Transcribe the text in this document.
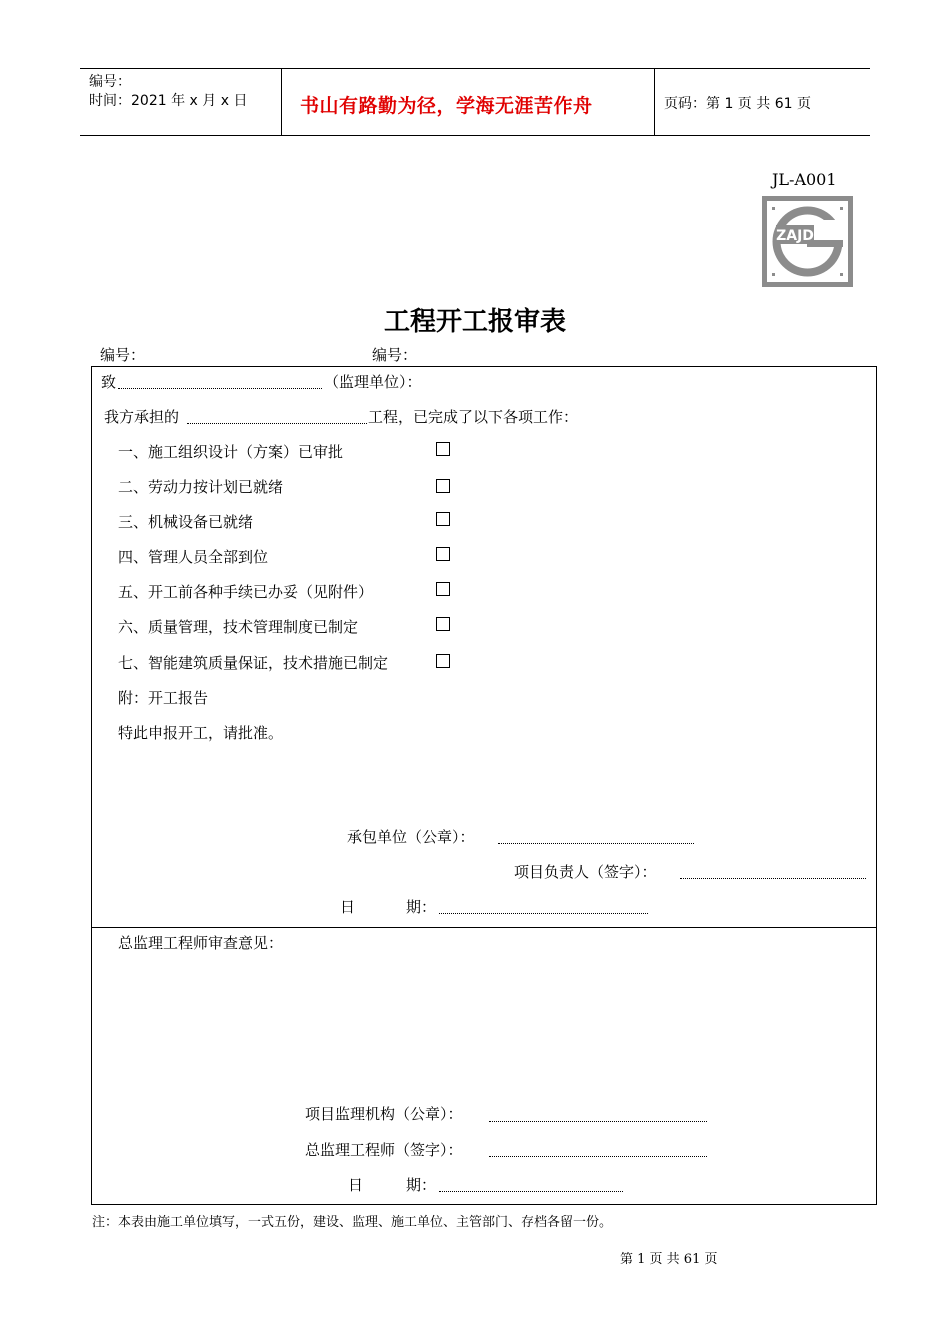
编号：
时间：2021 年 x 月 x 日	书山有路勤为径，学海无涯苦作舟	页码：第 1 页 共 61 页
JL-A001
ZAJD
工程开工报审表
编号：	编号：
致	（监理单位）：
我方承担的	工程，已完成了以下各项工作：
一、施工组织设计（方案）已审批
二、劳动力按计划已就绪
三、机械设备已就绪
四、管理人员全部到位
五、开工前各种手续已办妥（见附件）
六、质量管理，技术管理制度已制定
七、智能建筑质量保证，技术措施已制定
附：开工报告
特此申报开工，请批准。
承包单位（公章）：
项目负责人（签字）：
日	期：
总监理工程师审查意见：
项目监理机构（公章）：
总监理工程师（签字）：
日	期：
注：本表由施工单位填写，一式五份，建设、监理、施工单位、主管部门、存档各留一份。
第 1 页 共 61 页
